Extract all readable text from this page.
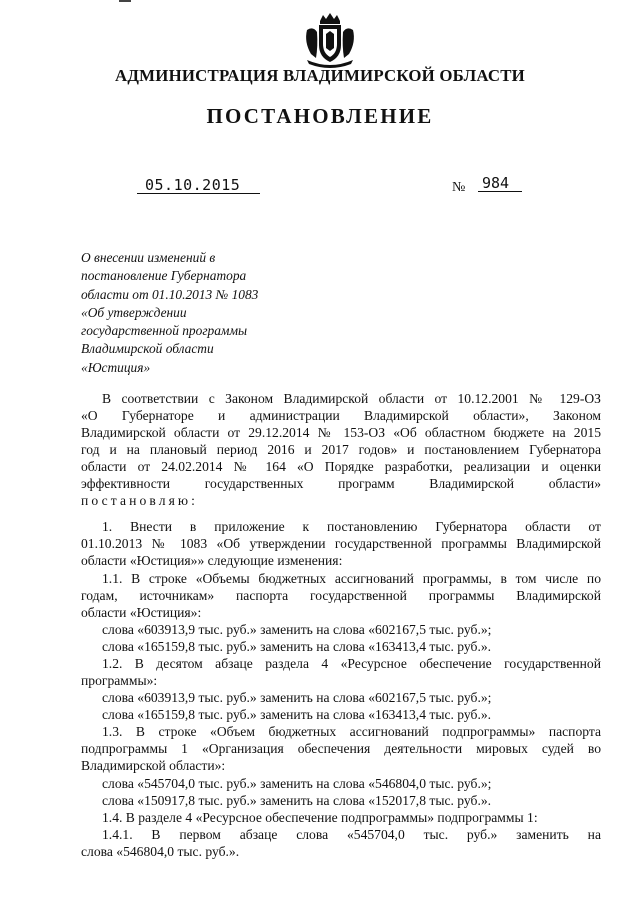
АДМИНИСТРАЦИЯ ВЛАДИМИРСКОЙ ОБЛАСТИ
ПОСТАНОВЛЕНИЕ
05.10.2015	№ 984
О внесении изменений в
постановление Губернатора
области от 01.10.2013 № 1083
«Об утверждении
государственной программы
Владимирской области
«Юстиция»
В соответствии с Законом Владимирской области от 10.12.2001 № 129-ОЗ
«О Губернаторе и администрации Владимирской области», Законом
Владимирской области от 29.12.2014 № 153-ОЗ «Об областном бюджете на 2015
год и на плановый период 2016 и 2017 годов» и постановлением Губернатора
области от 24.02.2014 № 164 «О Порядке разработки, реализации и оценки
эффективности государственных программ Владимирской области»
постановляю:
1. Внести в приложение к постановлению Губернатора области от
01.10.2013 № 1083 «Об утверждении государственной программы Владимирской
области «Юстиция»» следующие изменения:
1.1. В строке «Объемы бюджетных ассигнований программы, в том числе по
годам, источникам» паспорта государственной программы Владимирской
области «Юстиция»:
слова «603913,9 тыс. руб.» заменить на слова «602167,5 тыс. руб.»;
слова «165159,8 тыс. руб.» заменить на слова «163413,4 тыс. руб.».
1.2. В десятом абзаце раздела 4 «Ресурсное обеспечение государственной
программы»:
слова «603913,9 тыс. руб.» заменить на слова «602167,5 тыс. руб.»;
слова «165159,8 тыс. руб.» заменить на слова «163413,4 тыс. руб.».
1.3. В строке «Объем бюджетных ассигнований подпрограммы» паспорта
подпрограммы 1 «Организация обеспечения деятельности мировых судей во
Владимирской области»:
слова «545704,0 тыс. руб.» заменить на слова «546804,0 тыс. руб.»;
слова «150917,8 тыс. руб.» заменить на слова «152017,8 тыс. руб.».
1.4. В разделе 4 «Ресурсное обеспечение подпрограммы» подпрограммы 1:
1.4.1. В первом абзаце слова «545704,0 тыс. руб.» заменить на
слова «546804,0 тыс. руб.».
